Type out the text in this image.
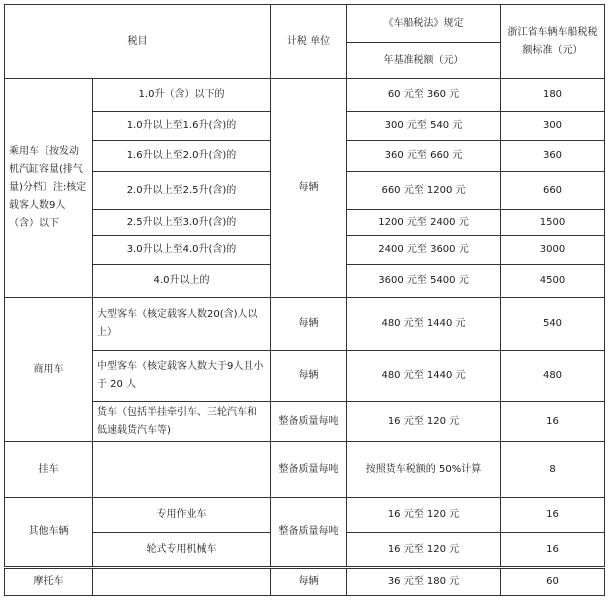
税目		计税 单位	《车船税法》规定	浙江省车辆车船税税额标准（元）
			年基准税额（元）	
乘用车〔按发动机汽缸容量(排气量)分档〕注:核定载客人数9人（含）以下	1.0升（含）以下的	每辆	60 元至 360 元	180
	1.0升以上至1.6升(含)的		300 元至 540 元	300
	1.6升以上至2.0升(含)的		360 元至 660 元	360
	2.0升以上至2.5升(含)的		660 元至 1200 元	660
	2.5升以上至3.0升(含)的		1200 元至 2400 元	1500
	3.0升以上至4.0升(含)的		2400 元至 3600 元	3000
	4.0升以上的		3600 元至 5400 元	4500
商用车	大型客车（核定载客人数20(含)人以上）	每辆	480 元至 1440 元	540
	中型客车（核定载客人数大于9人且小于 20 人	每辆	480 元至 1440 元	480
	货车（包括半挂牵引车、三轮汽车和低速载货汽车等)	整备质量每吨	16 元至 120 元	16
挂车		整备质量每吨	按照货车税额的 50%计算	8
其他车辆	专用作业车	整备质量每吨	16 元至 120 元	16
	轮式专用机械车		16 元至 120 元	16
摩托车		每辆	36 元至 180 元	60
